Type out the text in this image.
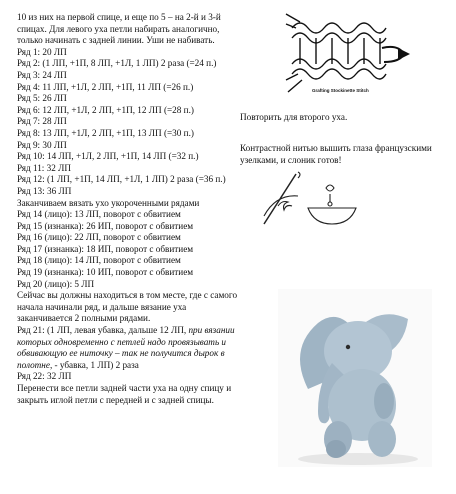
10 из них на первой спице, и еще по 5 – на 2-й и 3-й спицах. Для левого уха петли набирать аналогично, только начинать с задней линии. Уши не набивать.

Ряд 1: 20 ЛП

Ряд 2: (1 ЛП, +1П, 8 ЛП, +1Л, 1 ЛП) 2 раза (=24 п.)

Ряд 3: 24 ЛП

Ряд 4: 11 ЛП, +1Л, 2 ЛП, +1П, 11 ЛП (=26 п.)

Ряд 5: 26 ЛП

Ряд 6: 12 ЛП, +1Л, 2 ЛП, +1П, 12 ЛП (=28 п.)

Ряд 7: 28 ЛП

Ряд 8: 13 ЛП, +1Л, 2 ЛП, +1П, 13 ЛП (=30 п.)

Ряд 9: 30 ЛП

Ряд 10: 14 ЛП, +1Л, 2 ЛП, +1П, 14 ЛП (=32 п.)

Ряд 11: 32 ЛП

Ряд 12: (1 ЛП, +1П, 14 ЛП, +1Л, 1 ЛП) 2 раза (=36 п.)

Ряд 13: 36 ЛП

Заканчиваем вязать ухо укороченными рядами

Ряд 14 (лицо): 13 ЛП, поворот с обвитием

Ряд 15 (изнанка): 26 ИП, поворот с обвитием

Ряд 16 (лицо): 22 ЛП, поворот с обвитием

Ряд 17 (изнанка): 18 ИП, поворот с обвитием

Ряд 18 (лицо): 14 ЛП, поворот с обвитием

Ряд 19 (изнанка): 10 ИП, поворот с обвитием

Ряд 20 (лицо): 5 ЛП

Сейчас вы должны находиться в том месте, где с самого начала начинали ряд, и дальше вязание уха заканчивается 2 полными рядами.

Ряд 21: (1 ЛП, левая убавка, дальше 12 ЛП, при вязании которых одновременно с петлей надо провязывать и обвивающую ее ниточку – так не получится дырок в полотне, - убавка, 1 ЛП) 2 раза

Ряд 22: 32 ЛП

Перенести все петли задней части уха на одну спицу и закрыть иглой петли с передней и с задней спицы.

Grafting Stockinette Stitch

Повторить для второго уха.

Контрастной нитью вышить глаза французскими узелками, и слоник готов!
